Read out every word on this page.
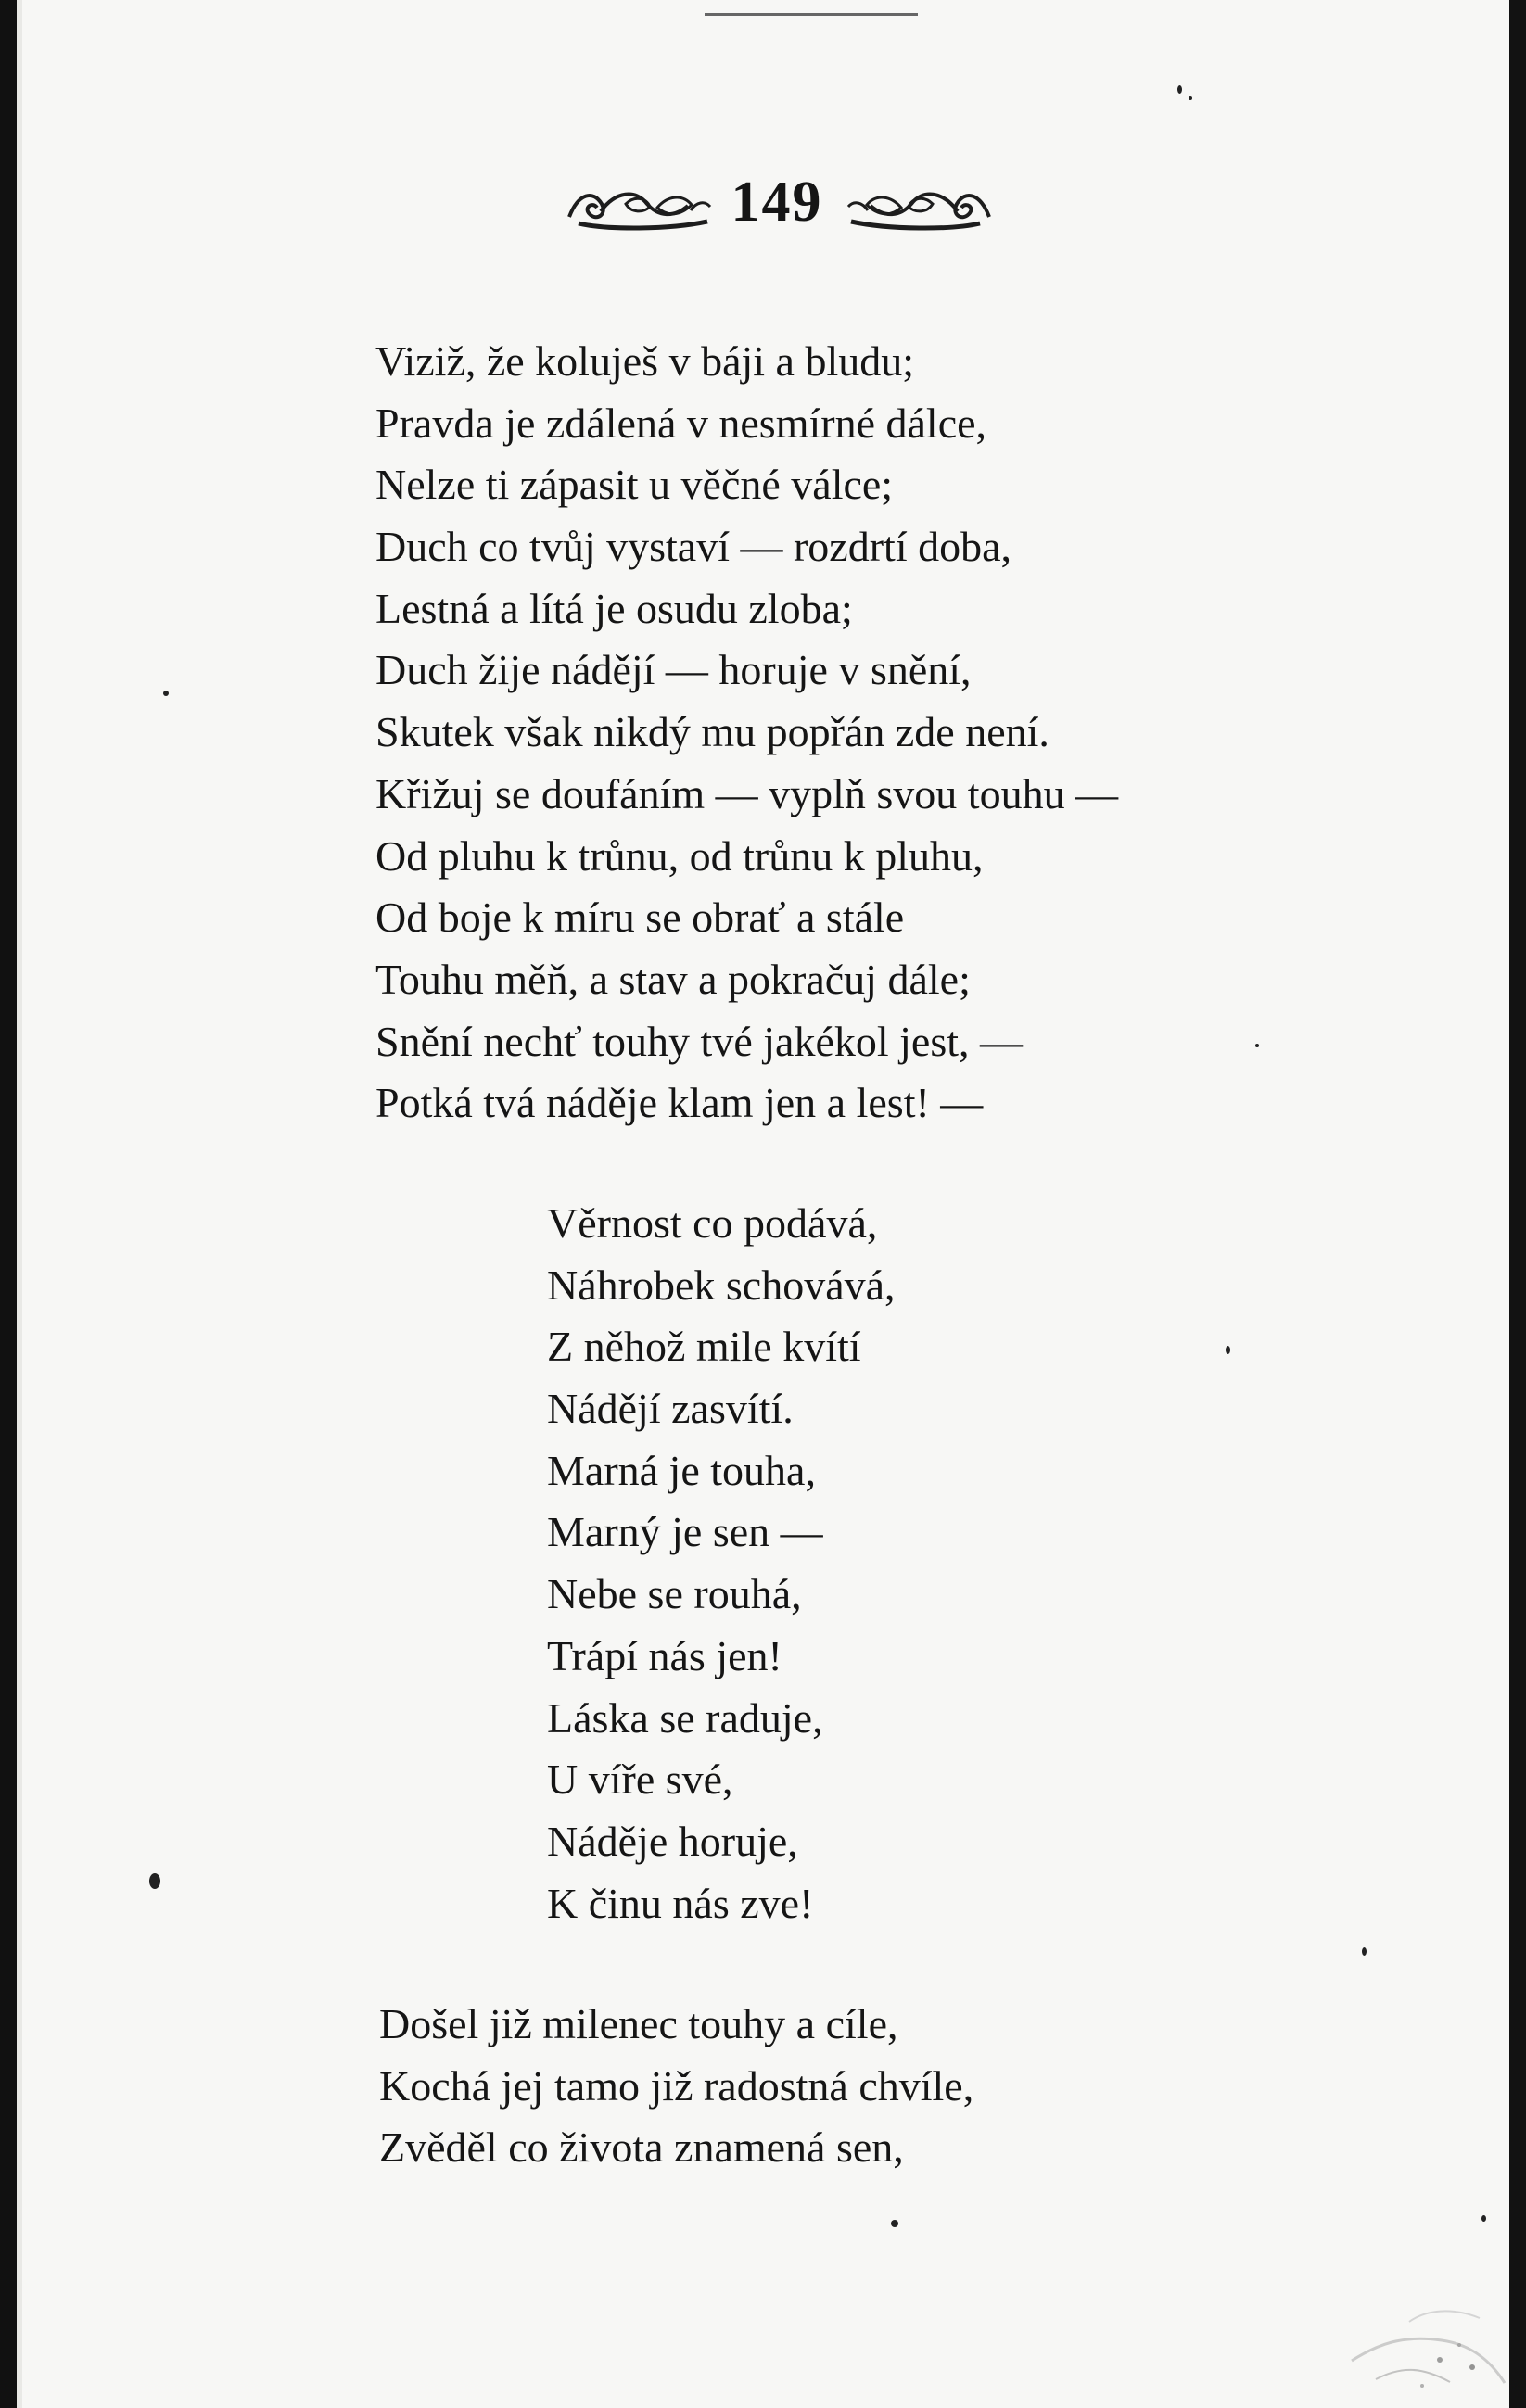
149
Viziž, že koluješ v báji a bludu;
Pravda je zdálená v nesmírné dálce,
Nelze ti zápasit u věčné válce;
Duch co tvůj vystaví — rozdrtí doba,
Lestná a lítá je osudu zloba;
Duch žije nádějí — horuje v snění,
Skutek však nikdý mu popřán zde není.
Křižuj se doufáním — vyplň svou touhu —
Od pluhu k trůnu, od trůnu k pluhu,
Od boje k míru se obrať a stále
Touhu měň, a stav a pokračuj dále;
Snění nechť touhy tvé jakékol jest, —
Potká tvá náděje klam jen a lest! —
Věrnost co podává,
Náhrobek schovává,
Z něhož mile kvítí
Nádějí zasvítí.
Marná je touha,
Marný je sen —
Nebe se rouhá,
Trápí nás jen!
Láska se raduje,
U víře své,
Náděje horuje,
K činu nás zve!
Došel již milenec touhy a cíle,
Kochá jej tamo již radostná chvíle,
Zvěděl co života znamená sen,
